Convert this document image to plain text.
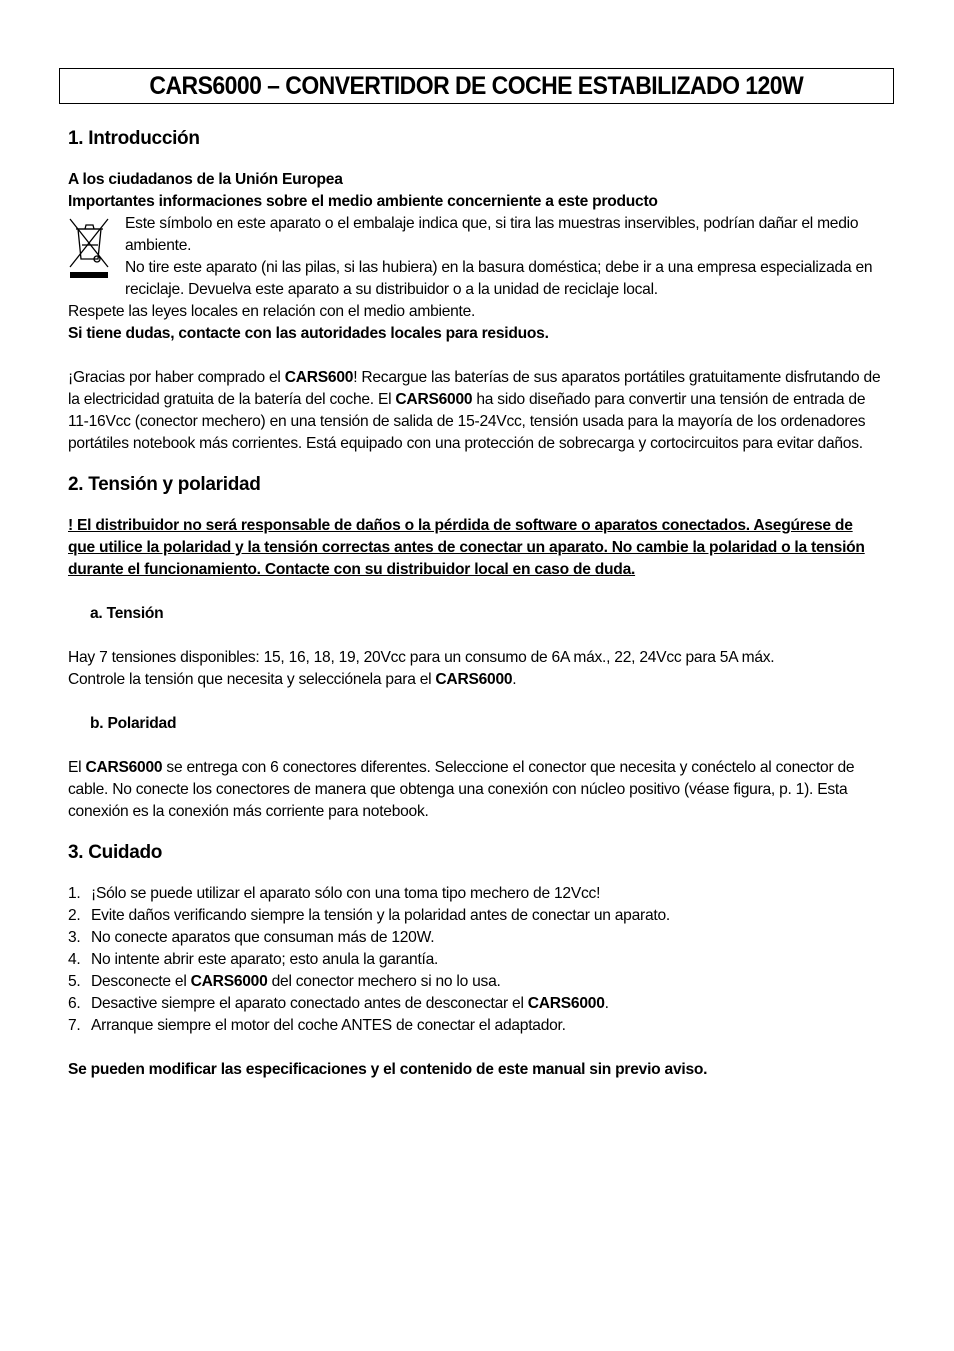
CARS6000 – CONVERTIDOR DE COCHE ESTABILIZADO 120W
1. Introducción

A los ciudadanos de la Unión Europea

Importantes informaciones sobre el medio ambiente concerniente a este producto

Este símbolo en este aparato o el embalaje indica que, si tira las muestras inservibles, podrían dañar el medio ambiente.

No tire este aparato (ni las pilas, si las hubiera) en la basura doméstica; debe ir a una empresa especializada en reciclaje. Devuelva este aparato a su distribuidor o a la unidad de reciclaje local.

Respete las leyes locales en relación con el medio ambiente.

Si tiene dudas, contacte con las autoridades locales para residuos.

¡Gracias por haber comprado el CARS600! Recargue las baterías de sus aparatos portátiles gratuitamente disfrutando de la electricidad gratuita de la batería del coche. El CARS6000 ha sido diseñado para convertir una tensión de entrada de 11-16Vcc (conector mechero) en una tensión de salida de 15-24Vcc, tensión usada para la mayoría de los ordenadores portátiles notebook más corrientes. Está equipado con una protección de sobrecarga y cortocircuitos para evitar daños.

2. Tensión y polaridad

! El distribuidor no será responsable de daños o la pérdida de software o aparatos conectados. Asegúrese de que utilice la polaridad y la tensión correctas antes de conectar un aparato. No cambie la polaridad o la tensión durante el funcionamiento. Contacte con su distribuidor local en caso de duda.

a. Tensión

Hay 7 tensiones disponibles: 15, 16, 18, 19, 20Vcc para un consumo de 6A máx., 22, 24Vcc para 5A máx.

Controle la tensión que necesita y selecciónela para el CARS6000.

b. Polaridad

El CARS6000 se entrega con 6 conectores diferentes. Seleccione el conector que necesita y conéctelo al conector de cable. No conecte los conectores de manera que obtenga una conexión con núcleo positivo (véase figura, p. 1). Esta conexión es la conexión más corriente para notebook.

3. Cuidado
1. ¡Sólo se puede utilizar el aparato sólo con una toma tipo mechero de 12Vcc!
2. Evite daños verificando siempre la tensión y la polaridad antes de conectar un aparato.
3. No conecte aparatos que consuman más de 120W.
4. No intente abrir este aparato; esto anula la garantía.
5. Desconecte el CARS6000 del conector mechero si no lo usa.
6. Desactive siempre el aparato conectado antes de desconectar el CARS6000.
7. Arranque siempre el motor del coche ANTES de conectar el adaptador.

Se pueden modificar las especificaciones y el contenido de este manual sin previo aviso.
